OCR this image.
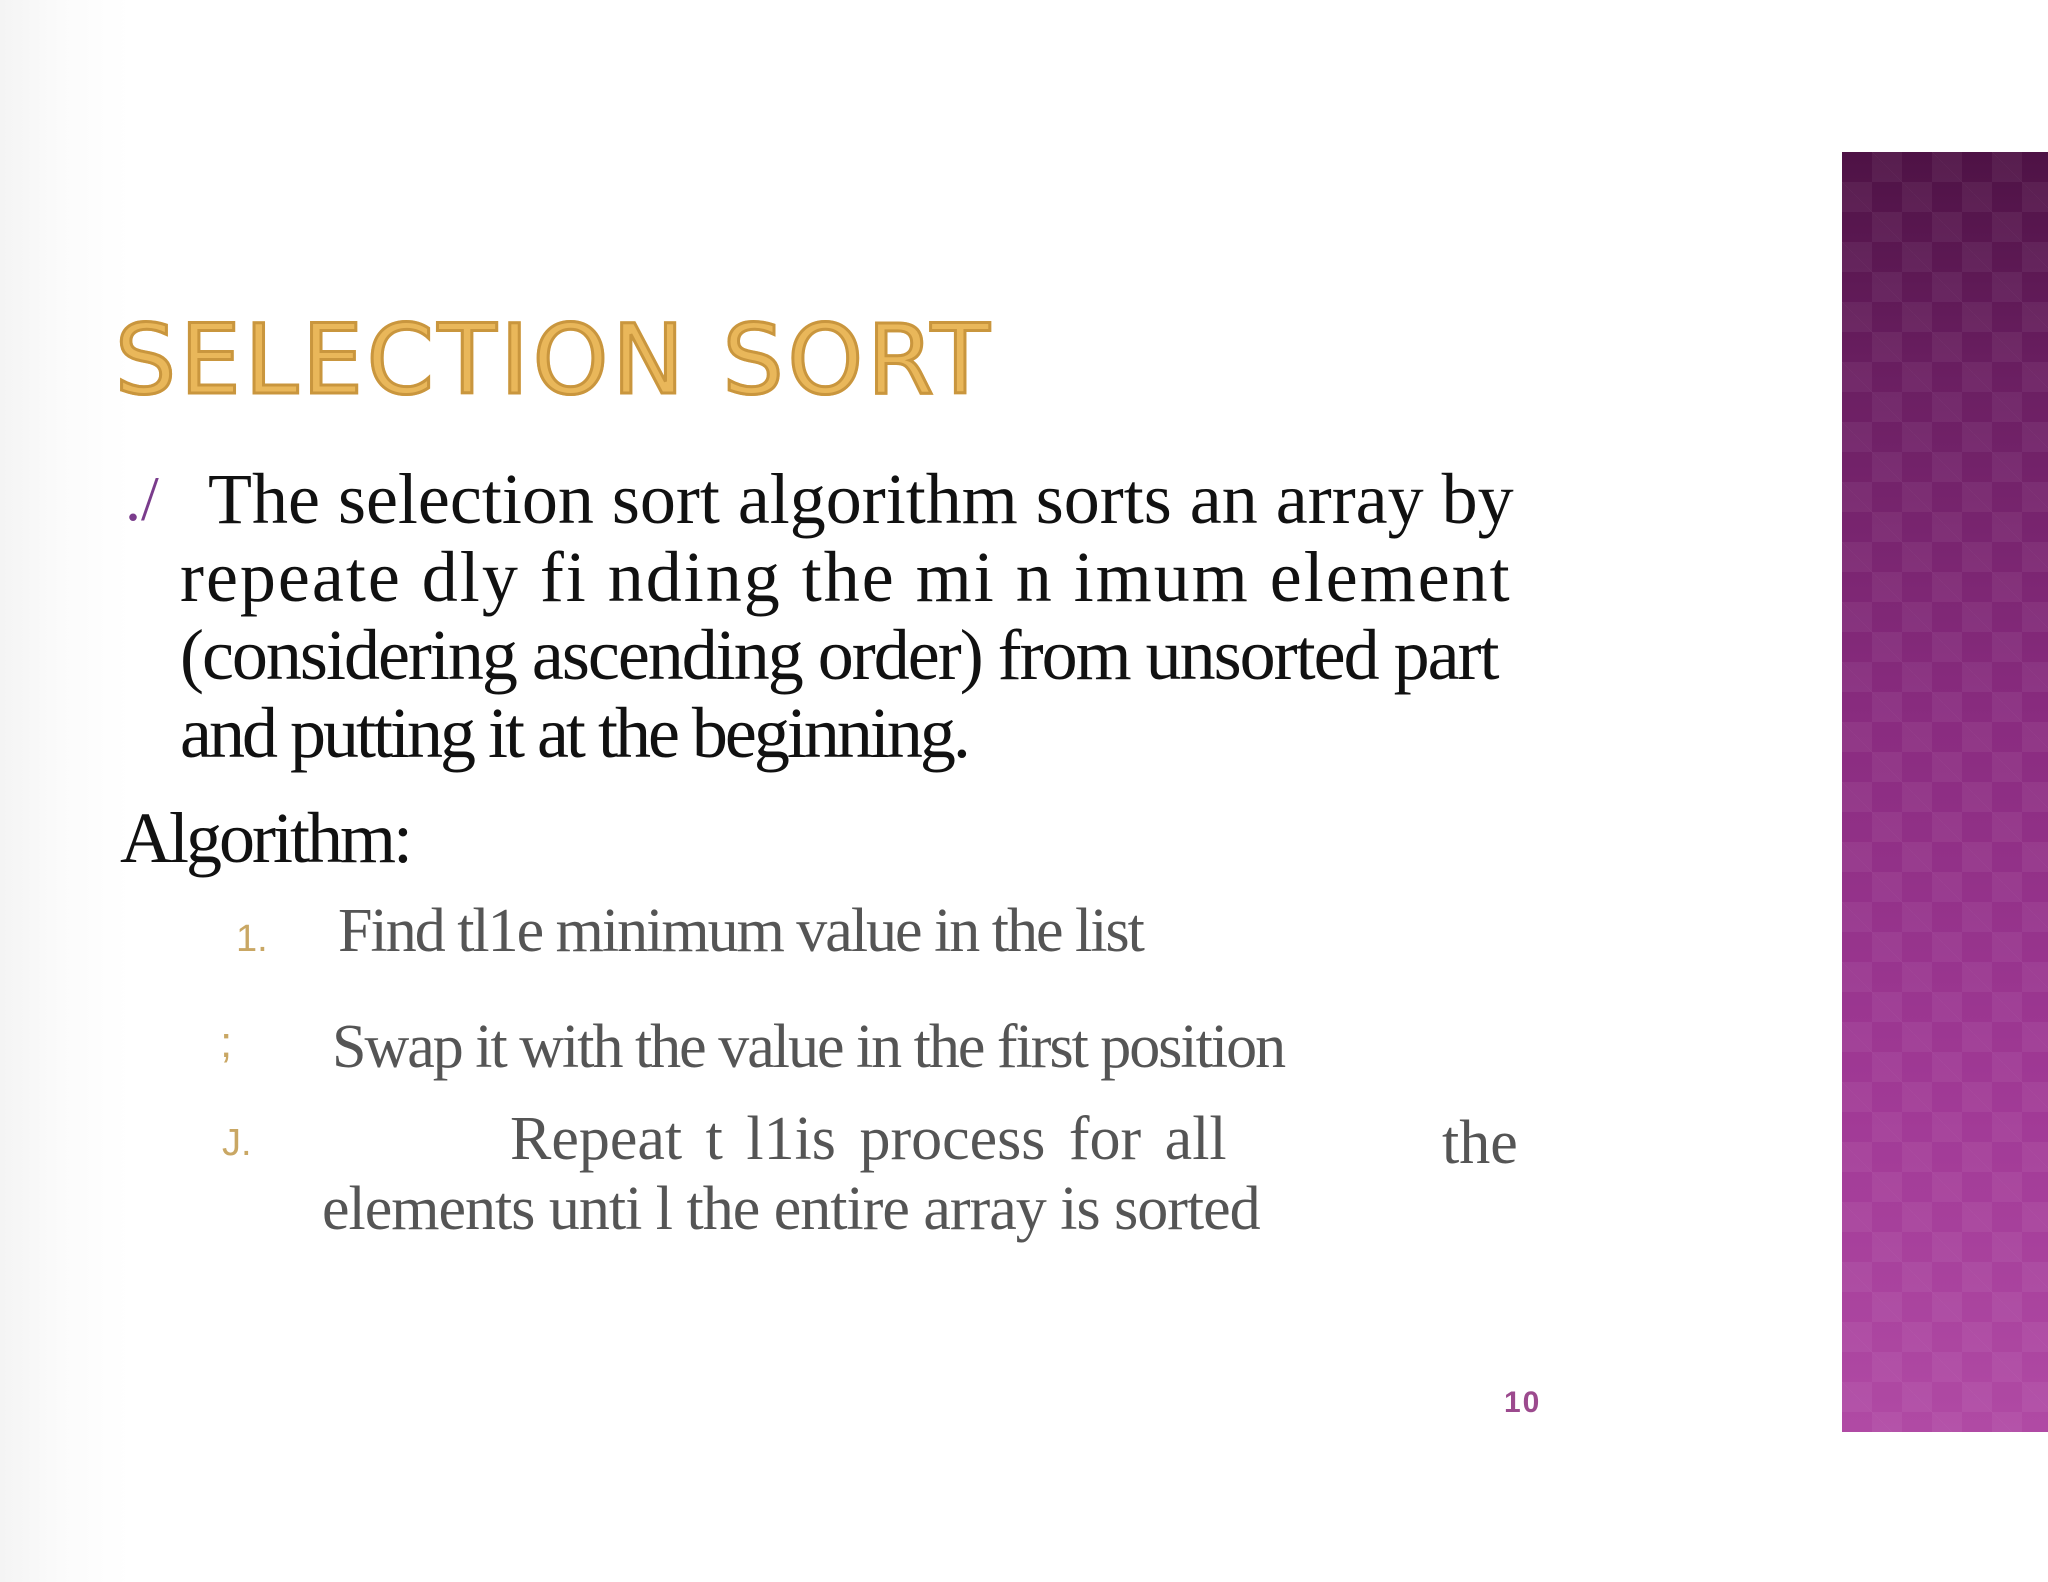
SELECTION SORT
./ The selection sort algorithm sorts an array by
repeate dly fi nding the mi n imum element
(considering ascending order) from unsorted part
and putting it at the beginning.
Algorithm:
1. Find tl1e minimum value in the list
; Swap it with the value in the first position
J.	Repeat t l1is process for all	the
elements unti l the entire array is sorted
10
